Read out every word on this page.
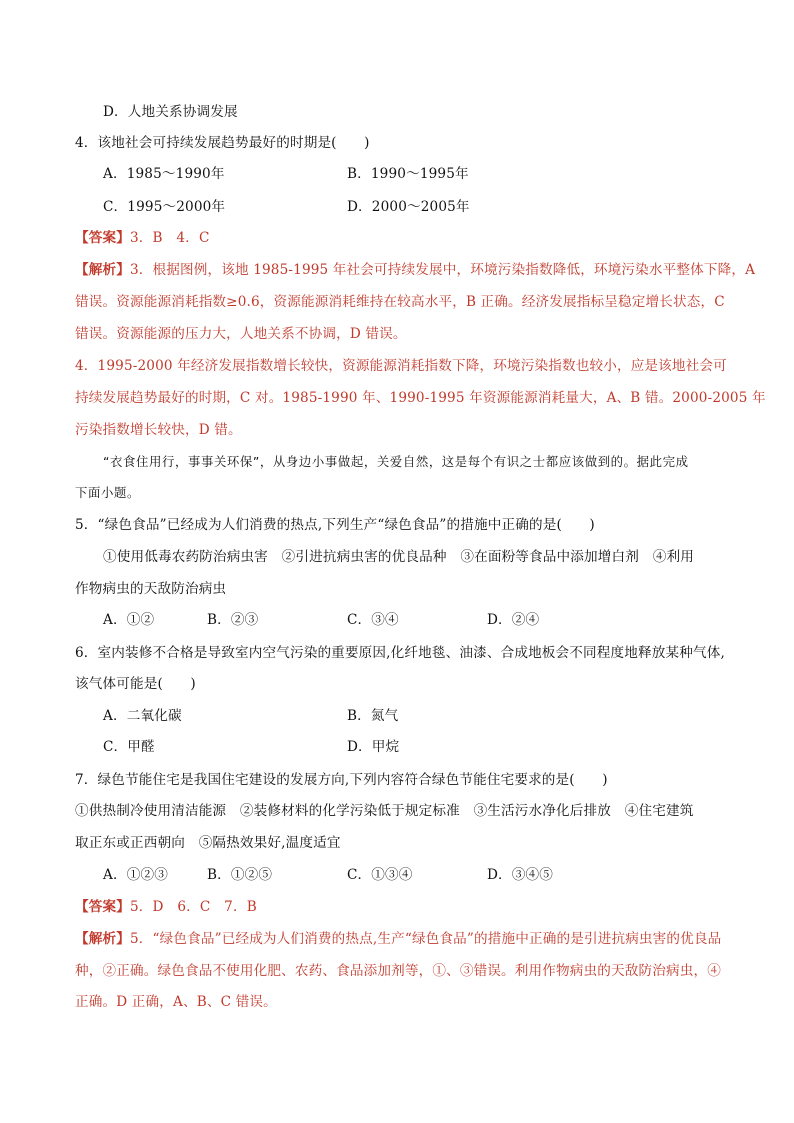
D．人地关系协调发展
4．该地社会可持续发展趋势最好的时期是(　　)
A．1985～1990年	B．1990～1995年
C．1995～2000年	D．2000～2005年
【答案】3．B　4．C
【解析】3．根据图例，该地 1985-1995 年社会可持续发展中，环境污染指数降低，环境污染水平整体下降，A
错误。资源能源消耗指数≥0.6，资源能源消耗维持在较高水平，B 正确。经济发展指标呈稳定增长状态，C
错误。资源能源的压力大，人地关系不协调，D 错误。
4．1995-2000 年经济发展指数增长较快，资源能源消耗指数下降，环境污染指数也较小，应是该地社会可
持续发展趋势最好的时期，C 对。1985-1990 年、1990-1995 年资源能源消耗量大，A、B 错。2000-2005 年
污染指数增长较快，D 错。
“衣食住用行，事事关环保”，从身边小事做起，关爱自然，这是每个有识之士都应该做到的。据此完成
下面小题。
5．“绿色食品”已经成为人们消费的热点,下列生产“绿色食品”的措施中正确的是(　　)
①使用低毒农药防治病虫害　②引进抗病虫害的优良品种　③在面粉等食品中添加增白剂　④利用
作物病虫的天敌防治病虫
A．①②	B．②③	C．③④	D．②④
6．室内装修不合格是导致室内空气污染的重要原因,化纤地毯、油漆、合成地板会不同程度地释放某种气体,
该气体可能是(　　)
A．二氧化碳	B．氮气
C．甲醛	D．甲烷
7．绿色节能住宅是我国住宅建设的发展方向,下列内容符合绿色节能住宅要求的是(　　)
①供热制冷使用清洁能源　②装修材料的化学污染低于规定标准　③生活污水净化后排放　④住宅建筑
取正东或正西朝向　⑤隔热效果好,温度适宜
A．①②③	B．①②⑤	C．①③④	D．③④⑤
【答案】5．D　6．C　7．B
【解析】5．“绿色食品”已经成为人们消费的热点,生产“绿色食品”的措施中正确的是引进抗病虫害的优良品
种，②正确。绿色食品不使用化肥、农药、食品添加剂等，①、③错误。利用作物病虫的天敌防治病虫，④
正确。D 正确，A、B、C 错误。
